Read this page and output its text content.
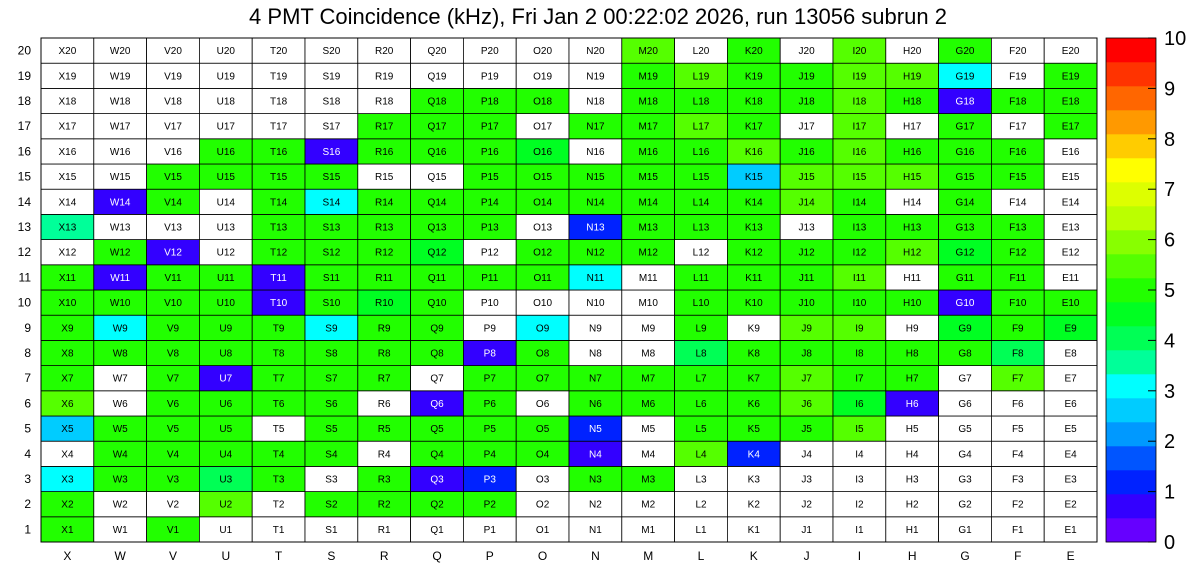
4 PMT Coincidence (kHz), Fri Jan 2 00:22:02 2026, run 13056 subrun 2
X1	W1	V1	U1	T1	S1	R1	Q1	P1	O1	N1	M1	L1	K1	J1	I1	H1	G1	F1	E1
X2	W2	V2	U2	T2	S2	R2	Q2	P2	O2	N2	M2	L2	K2	J2	I2	H2	G2	F2	E2
X3	W3	V3	U3	T3	S3	R3	Q3	P3	O3	N3	M3	L3	K3	J3	I3	H3	G3	F3	E3
X4	W4	V4	U4	T4	S4	R4	Q4	P4	O4	N4	M4	L4	K4	J4	I4	H4	G4	F4	E4
X5	W5	V5	U5	T5	S5	R5	Q5	P5	O5	N5	M5	L5	K5	J5	I5	H5	G5	F5	E5
X6	W6	V6	U6	T6	S6	R6	Q6	P6	O6	N6	M6	L6	K6	J6	I6	H6	G6	F6	E6
X7	W7	V7	U7	T7	S7	R7	Q7	P7	O7	N7	M7	L7	K7	J7	I7	H7	G7	F7	E7
X8	W8	V8	U8	T8	S8	R8	Q8	P8	O8	N8	M8	L8	K8	J8	I8	H8	G8	F8	E8
X9	W9	V9	U9	T9	S9	R9	Q9	P9	O9	N9	M9	L9	K9	J9	I9	H9	G9	F9	E9
X10	W10	V10	U10	T10	S10	R10	Q10	P10	O10	N10	M10	L10	K10	J10	I10	H10	G10	F10	E10
X11	W11	V11	U11	T11	S11	R11	Q11	P11	O11	N11	M11	L11	K11	J11	I11	H11	G11	F11	E11
X12	W12	V12	U12	T12	S12	R12	Q12	P12	O12	N12	M12	L12	K12	J12	I12	H12	G12	F12	E12
X13	W13	V13	U13	T13	S13	R13	Q13	P13	O13	N13	M13	L13	K13	J13	I13	H13	G13	F13	E13
X14	W14	V14	U14	T14	S14	R14	Q14	P14	O14	N14	M14	L14	K14	J14	I14	H14	G14	F14	E14
X15	W15	V15	U15	T15	S15	R15	Q15	P15	O15	N15	M15	L15	K15	J15	I15	H15	G15	F15	E15
X16	W16	V16	U16	T16	S16	R16	Q16	P16	O16	N16	M16	L16	K16	J16	I16	H16	G16	F16	E16
X17	W17	V17	U17	T17	S17	R17	Q17	P17	O17	N17	M17	L17	K17	J17	I17	H17	G17	F17	E17
X18	W18	V18	U18	T18	S18	R18	Q18	P18	O18	N18	M18	L18	K18	J18	I18	H18	G18	F18	E18
X19	W19	V19	U19	T19	S19	R19	Q19	P19	O19	N19	M19	L19	K19	J19	I19	H19	G19	F19	E19
X20	W20	V20	U20	T20	S20	R20	Q20	P20	O20	N20	M20	L20	K20	J20	I20	H20	G20	F20	E20
X	W	V	U	T	S	R	Q	P	O	N	M	L	K	J	I	H	G	F	E
1
2
3
4
5
6
7
8
9
10
11
12
13
14
15
16
17
18
19
20
0
1
2
3
4
5
6
7
8
9
10
